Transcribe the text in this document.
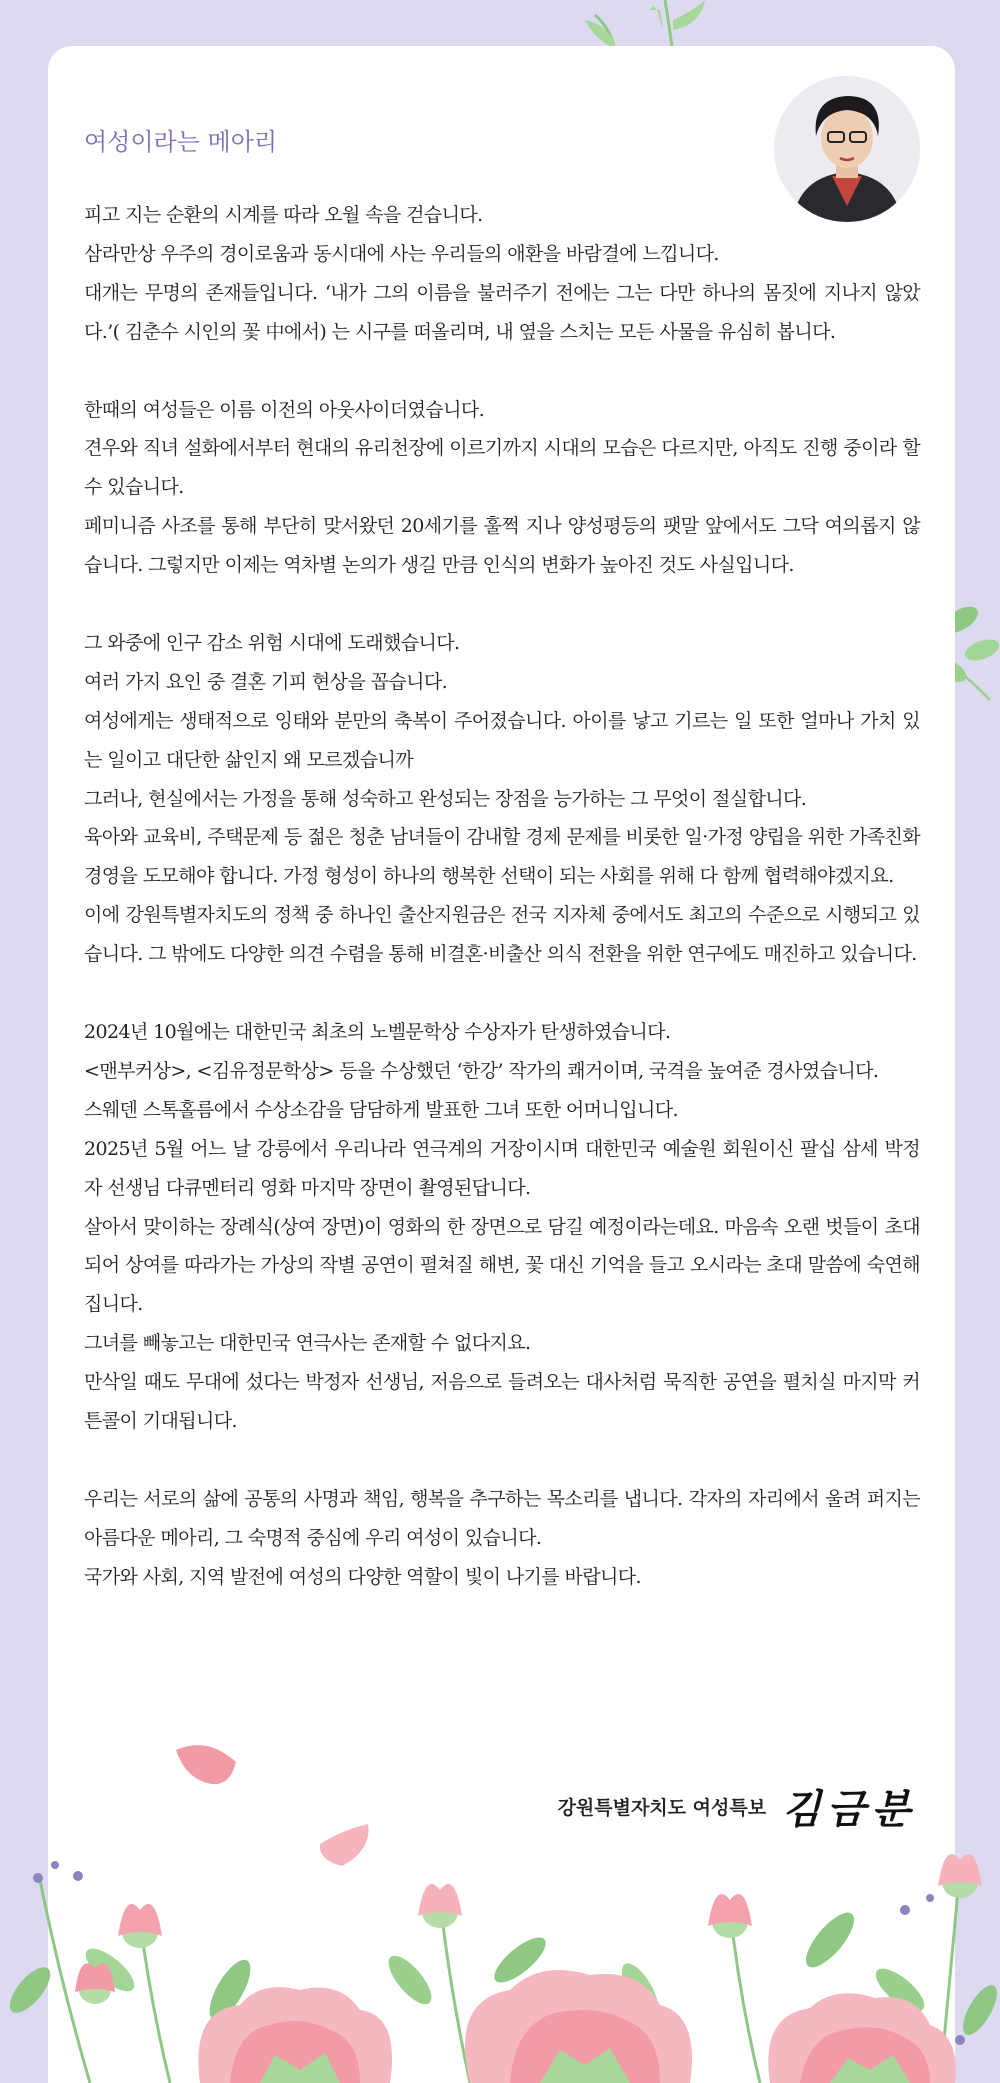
여성이라는 메아리

피고 지는 순환의 시계를 따라 오월 속을 걷습니다.
삼라만상 우주의 경이로움과 동시대에 사는 우리들의 애환을 바람결에 느낍니다.
대개는 무명의 존재들입니다. ‘내가 그의 이름을 불러주기 전에는 그는 다만 하나의 몸짓에 지나지 않았다.’( 김춘수 시인의 꽃 中에서) 는 시구를 떠올리며, 내 옆을 스치는 모든 사물을 유심히 봅니다.

한때의 여성들은 이름 이전의 아웃사이더였습니다.
견우와 직녀 설화에서부터 현대의 유리천장에 이르기까지 시대의 모습은 다르지만, 아직도 진행 중이라 할 수 있습니다.
페미니즘 사조를 통해 부단히 맞서왔던 20세기를 훌쩍 지나 양성평등의 팻말 앞에서도 그닥 여의롭지 않습니다. 그렇지만 이제는 역차별 논의가 생길 만큼 인식의 변화가 높아진 것도 사실입니다.

그 와중에 인구 감소 위험 시대에 도래했습니다.
여러 가지 요인 중 결혼 기피 현상을 꼽습니다.
여성에게는 생태적으로 잉태와 분만의 축복이 주어졌습니다. 아이를 낳고 기르는 일 또한 얼마나 가치 있는 일이고 대단한 삶인지 왜 모르겠습니까
그러나, 현실에서는 가정을 통해 성숙하고 완성되는 장점을 능가하는 그 무엇이 절실합니다.
육아와 교육비, 주택문제 등 젊은 청춘 남녀들이 감내할 경제 문제를 비롯한 일·가정 양립을 위한 가족친화경영을 도모해야 합니다. 가정 형성이 하나의 행복한 선택이 되는 사회를 위해 다 함께 협력해야겠지요.
이에 강원특별자치도의 정책 중 하나인 출산지원금은 전국 지자체 중에서도 최고의 수준으로 시행되고 있습니다. 그 밖에도 다양한 의견 수렴을 통해 비결혼·비출산 의식 전환을 위한 연구에도 매진하고 있습니다.

2024년 10월에는 대한민국 최초의 노벨문학상 수상자가 탄생하였습니다.
<맨부커상>, <김유정문학상> 등을 수상했던 ‘한강’ 작가의 쾌거이며, 국격을 높여준 경사였습니다.
스웨덴 스톡홀름에서 수상소감을 담담하게 발표한 그녀 또한 어머니입니다.
2025년 5월 어느 날 강릉에서 우리나라 연극계의 거장이시며 대한민국 예술원 회원이신 팔십 삼세 박정자 선생님 다큐멘터리 영화 마지막 장면이 촬영된답니다.
살아서 맞이하는 장례식(상여 장면)이 영화의 한 장면으로 담길 예정이라는데요. 마음속 오랜 벗들이 초대되어 상여를 따라가는 가상의 작별 공연이 펼쳐질 해변, 꽃 대신 기억을 들고 오시라는 초대 말씀에 숙연해집니다.
그녀를 빼놓고는 대한민국 연극사는 존재할 수 없다지요.
만삭일 때도 무대에 섰다는 박정자 선생님, 저음으로 들려오는 대사처럼 묵직한 공연을 펼치실 마지막 커튼콜이 기대됩니다.

우리는 서로의 삶에 공통의 사명과 책임, 행복을 추구하는 목소리를 냅니다. 각자의 자리에서 울려 퍼지는 아름다운 메아리, 그 숙명적 중심에 우리 여성이 있습니다.
국가와 사회, 지역 발전에 여성의 다양한 역할이 빛이 나기를 바랍니다.

강원특별자치도 여성특보 김금분
